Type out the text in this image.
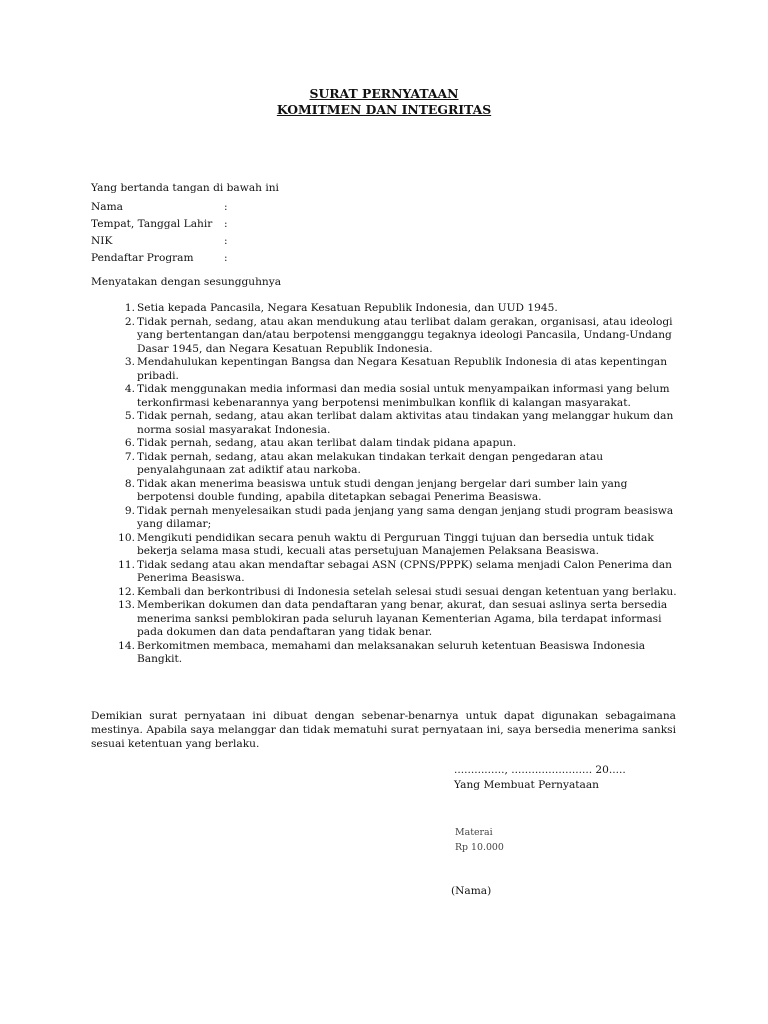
SURAT PERNYATAAN
KOMITMEN DAN INTEGRITAS
Yang bertanda tangan di bawah ini
Nama	:
Tempat, Tanggal Lahir	:
NIK	:
Pendaftar Program	:
Menyatakan dengan sesungguhnya
1. Setia kepada Pancasila, Negara Kesatuan Republik Indonesia, dan UUD 1945.
2. Tidak pernah, sedang, atau akan mendukung atau terlibat dalam gerakan, organisasi, atau ideologi yang bertentangan dan/atau berpotensi mengganggu tegaknya ideologi Pancasila, Undang-Undang Dasar 1945, dan Negara Kesatuan Republik Indonesia.
3. Mendahulukan kepentingan Bangsa dan Negara Kesatuan Republik Indonesia di atas kepentingan pribadi.
4. Tidak menggunakan media informasi dan media sosial untuk menyampaikan informasi yang belum terkonfirmasi kebenarannya yang berpotensi menimbulkan konflik di kalangan masyarakat.
5. Tidak pernah, sedang, atau akan terlibat dalam aktivitas atau tindakan yang melanggar hukum dan norma sosial masyarakat Indonesia.
6. Tidak pernah, sedang, atau akan terlibat dalam tindak pidana apapun.
7. Tidak pernah, sedang, atau akan melakukan tindakan terkait dengan pengedaran atau penyalahgunaan zat adiktif atau narkoba.
8. Tidak akan menerima beasiswa untuk studi dengan jenjang bergelar dari sumber lain yang berpotensi double funding, apabila ditetapkan sebagai Penerima Beasiswa.
9. Tidak pernah menyelesaikan studi pada jenjang yang sama dengan jenjang studi program beasiswa yang dilamar;
10. Mengikuti pendidikan secara penuh waktu di Perguruan Tinggi tujuan dan bersedia untuk tidak bekerja selama masa studi, kecuali atas persetujuan Manajemen Pelaksana Beasiswa.
11. Tidak sedang atau akan mendaftar sebagai ASN (CPNS/PPPK) selama menjadi Calon Penerima dan Penerima Beasiswa.
12. Kembali dan berkontribusi di Indonesia setelah selesai studi sesuai dengan ketentuan yang berlaku.
13. Memberikan dokumen dan data pendaftaran yang benar, akurat, dan sesuai aslinya serta bersedia menerima sanksi pemblokiran pada seluruh layanan Kementerian Agama, bila terdapat informasi pada dokumen dan data pendaftaran yang tidak benar.
14. Berkomitmen membaca, memahami dan melaksanakan seluruh ketentuan Beasiswa Indonesia Bangkit.
Demikian surat pernyataan ini dibuat dengan sebenar-benarnya untuk dapat digunakan sebagaimana mestinya. Apabila saya melanggar dan tidak mematuhi surat pernyataan ini, saya bersedia menerima sanksi sesuai ketentuan yang berlaku.
..............., ........................ 20.....
Yang Membuat Pernyataan
Materai
Rp 10.000
(Nama)
